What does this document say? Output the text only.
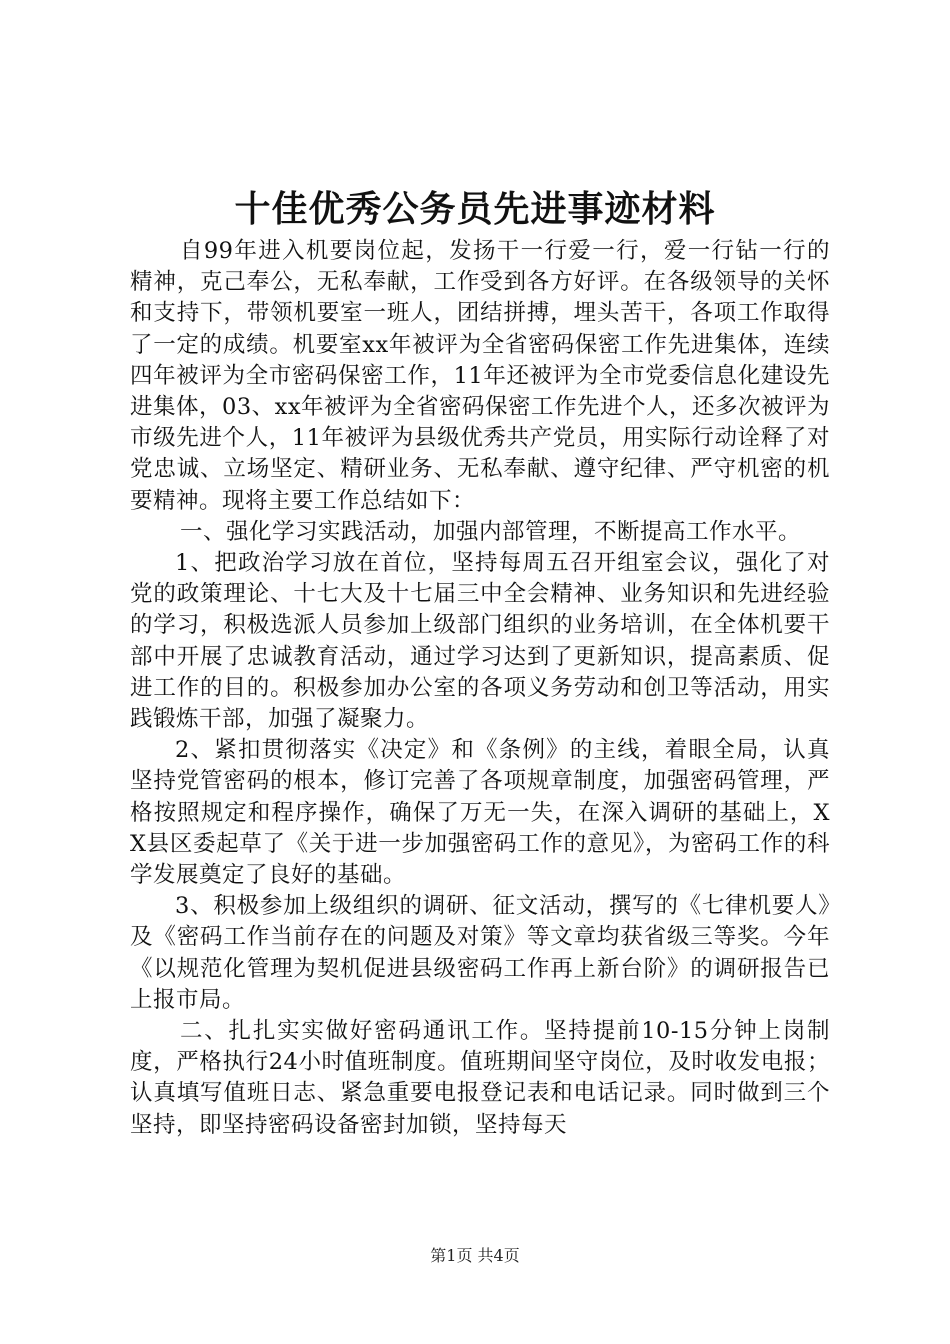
十佳优秀公务员先进事迹材料

自99年进入机要岗位起，发扬干一行爱一行，爱一行钻一行的精神，克己奉公，无私奉献，工作受到各方好评。在各级领导的关怀和支持下，带领机要室一班人，团结拼搏，埋头苦干，各项工作取得了一定的成绩。机要室xx年被评为全省密码保密工作先进集体，连续四年被评为全市密码保密工作，11年还被评为全市党委信息化建设先进集体，03、xx年被评为全省密码保密工作先进个人，还多次被评为市级先进个人，11年被评为县级优秀共产党员，用实际行动诠释了对党忠诚、立场坚定、精研业务、无私奉献、遵守纪律、严守机密的机要精神。现将主要工作总结如下：

一、强化学习实践活动，加强内部管理，不断提高工作水平。

1、把政治学习放在首位，坚持每周五召开组室会议，强化了对党的政策理论、十七大及十七届三中全会精神、业务知识和先进经验的学习，积极选派人员参加上级部门组织的业务培训，在全体机要干部中开展了忠诚教育活动，通过学习达到了更新知识，提高素质、促进工作的目的。积极参加办公室的各项义务劳动和创卫等活动，用实践锻炼干部，加强了凝聚力。

2、紧扣贯彻落实《决定》和《条例》的主线，着眼全局，认真坚持党管密码的根本，修订完善了各项规章制度，加强密码管理，严格按照规定和程序操作，确保了万无一失，在深入调研的基础上，XX县区委起草了《关于进一步加强密码工作的意见》，为密码工作的科学发展奠定了良好的基础。

3、积极参加上级组织的调研、征文活动，撰写的《七律机要人》及《密码工作当前存在的问题及对策》等文章均获省级三等奖。今年《以规范化管理为契机促进县级密码工作再上新台阶》的调研报告已上报市局。

二、扎扎实实做好密码通讯工作。坚持提前10-15分钟上岗制度，严格执行24小时值班制度。值班期间坚守岗位，及时收发电报；认真填写值班日志、紧急重要电报登记表和电话记录。同时做到三个坚持，即坚持密码设备密封加锁，坚持每天

第1页 共4页
